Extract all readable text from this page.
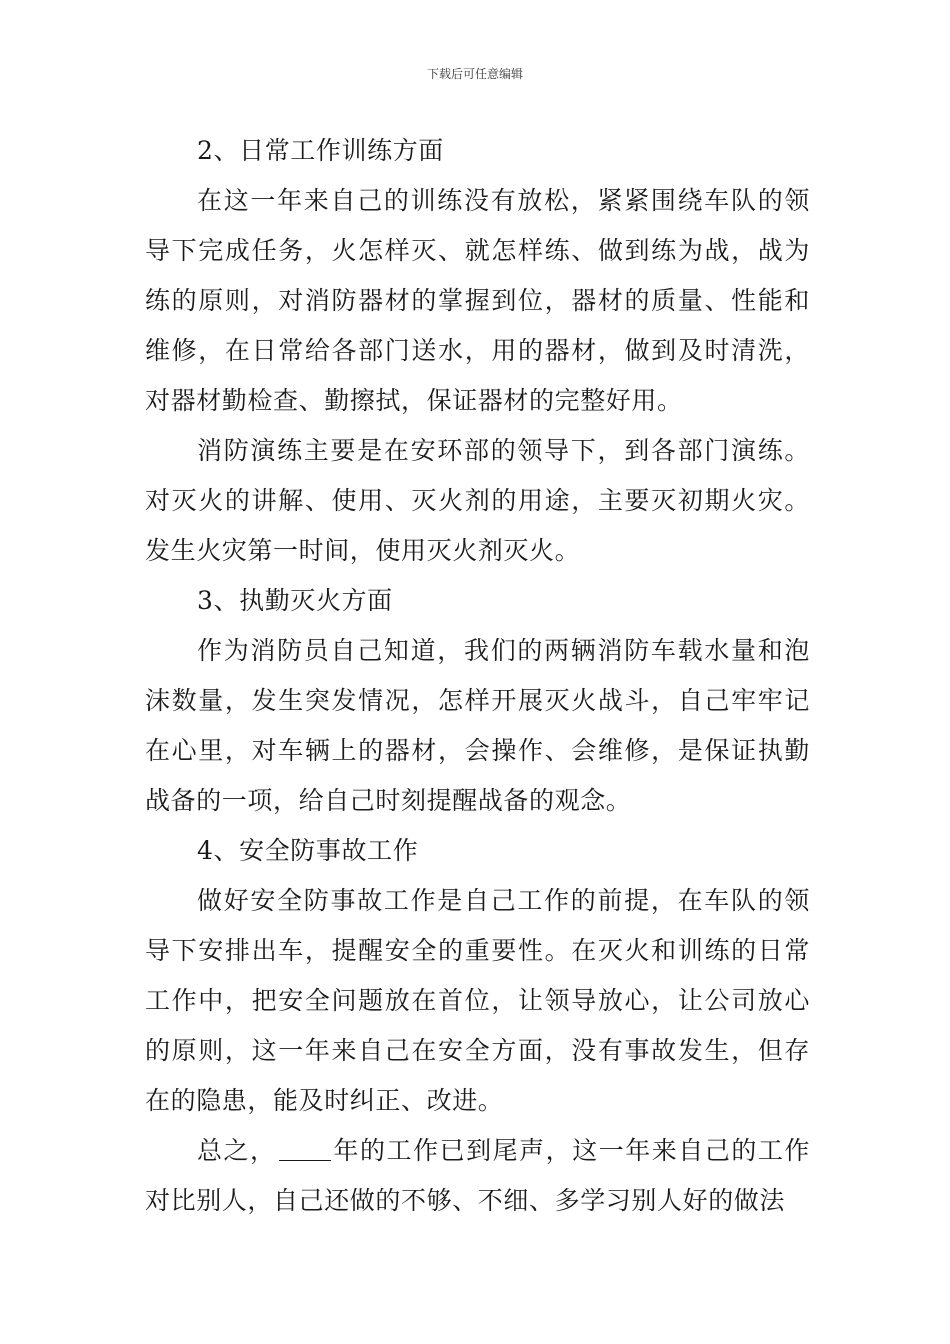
下载后可任意编辑

2、日常工作训练方面

在这一年来自己的训练没有放松，紧紧围绕车队的领导下完成任务，火怎样灭、就怎样练、做到练为战，战为练的原则，对消防器材的掌握到位，器材的质量、性能和维修，在日常给各部门送水，用的器材，做到及时清洗，对器材勤检查、勤擦拭，保证器材的完整好用。

消防演练主要是在安环部的领导下，到各部门演练。对灭火的讲解、使用、灭火剂的用途，主要灭初期火灾。发生火灾第一时间，使用灭火剂灭火。

3、执勤灭火方面

作为消防员自己知道，我们的两辆消防车载水量和泡沫数量，发生突发情况，怎样开展灭火战斗，自己牢牢记在心里，对车辆上的器材，会操作、会维修，是保证执勤战备的一项，给自己时刻提醒战备的观念。

4、安全防事故工作

做好安全防事故工作是自己工作的前提，在车队的领导下安排出车，提醒安全的重要性。在灭火和训练的日常工作中，把安全问题放在首位，让领导放心，让公司放心的原则，这一年来自己在安全方面，没有事故发生，但存在的隐患，能及时纠正、改进。

总之， 年的工作已到尾声，这一年来自己的工作对比别人，自己还做的不够、不细、多学习别人好的做法
